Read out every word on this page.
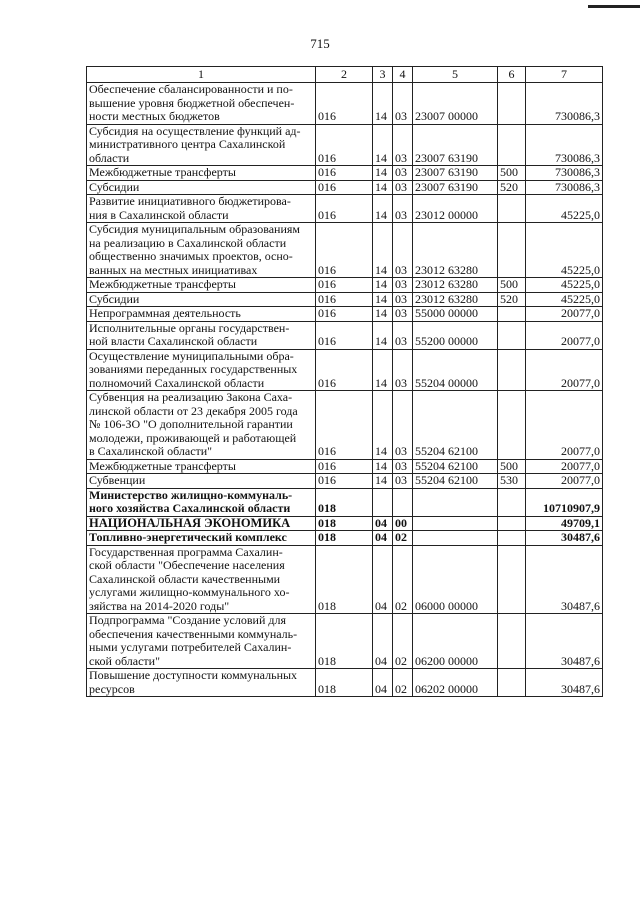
715
1	2	3	4	5	6	7
Обеспечение сбалансированности и по-
вышение уровня бюджетной обеспечен-
ности местных бюджетов	016	14	03	23007 00000		730086,3
Субсидия на осуществление функций ад-
министративного центра Сахалинской
области	016	14	03	23007 63190		730086,3
Межбюджетные трансферты	016	14	03	23007 63190	500	730086,3
Субсидии	016	14	03	23007 63190	520	730086,3
Развитие инициативного бюджетирова-
ния в Сахалинской области	016	14	03	23012 00000		45225,0
Субсидия муниципальным образованиям
на реализацию в Сахалинской области
общественно значимых проектов, осно-
ванных на местных инициативах	016	14	03	23012 63280		45225,0
Межбюджетные трансферты	016	14	03	23012 63280	500	45225,0
Субсидии	016	14	03	23012 63280	520	45225,0
Непрограммная деятельность	016	14	03	55000 00000		20077,0
Исполнительные органы государствен-
ной власти Сахалинской области	016	14	03	55200 00000		20077,0
Осуществление муниципальными обра-
зованиями переданных государственных
полномочий Сахалинской области	016	14	03	55204 00000		20077,0
Субвенция на реализацию Закона Саха-
линской области от 23 декабря 2005 года
№ 106-ЗО "О дополнительной гарантии
молодежи, проживающей и работающей
в Сахалинской области"	016	14	03	55204 62100		20077,0
Межбюджетные трансферты	016	14	03	55204 62100	500	20077,0
Субвенции	016	14	03	55204 62100	530	20077,0
Министерство жилищно-коммуналь-
ного хозяйства Сахалинской области	018					10710907,9
НАЦИОНАЛЬНАЯ ЭКОНОМИКА	018	04	00			49709,1
Топливно-энергетический комплекс	018	04	02			30487,6
Государственная программа Сахалин-
ской области "Обеспечение населения
Сахалинской области качественными
услугами жилищно-коммунального хо-
зяйства на 2014-2020 годы"	018	04	02	06000 00000		30487,6
Подпрограмма "Создание условий для
обеспечения качественными коммуналь-
ными услугами потребителей Сахалин-
ской области"	018	04	02	06200 00000		30487,6
Повышение доступности коммунальных
ресурсов	018	04	02	06202 00000		30487,6
